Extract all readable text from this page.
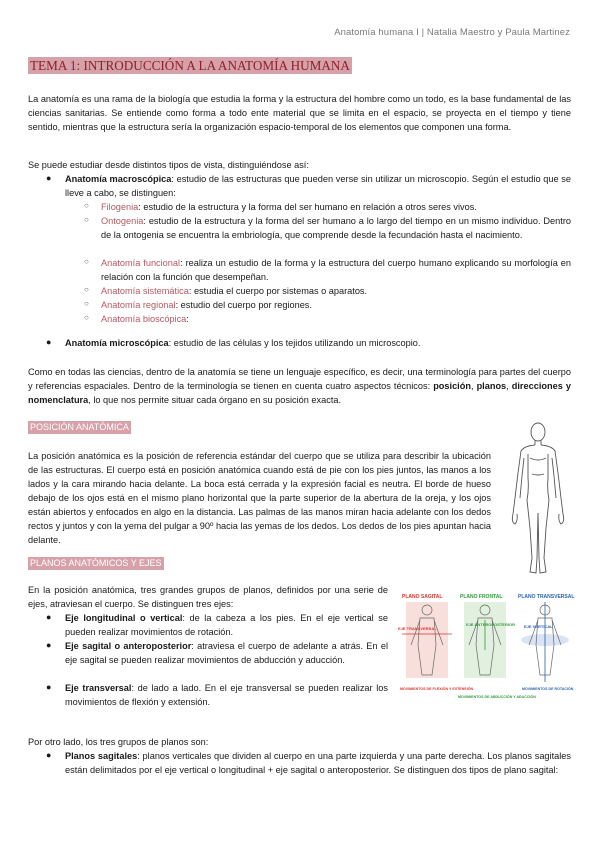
Anatomía humana I | Natalia Maestro y Paula Martinez
TEMA 1: INTRODUCCIÓN A LA ANATOMÍA HUMANA
La anatomía es una rama de la biología que estudia la forma y la estructura del hombre como un todo, es la base fundamental de las ciencias sanitarias. Se entiende como forma a todo ente material que se limita en el espacio, se proyecta en el tiempo y tiene sentido, mientras que la estructura sería la organización espacio-temporal de los elementos que componen una forma.
Se puede estudiar desde distintos tipos de vista, distinguiéndose así:
● Anatomía macroscópica: estudio de las estructuras que pueden verse sin utilizar un microscopio. Según el estudio que se lleve a cabo, se distinguen:
○ Filogenia: estudio de la estructura y la forma del ser humano en relación a otros seres vivos.
○ Ontogenia: estudio de la estructura y la forma del ser humano a lo largo del tiempo en un mismo individuo. Dentro de la ontogenia se encuentra la embriología, que comprende desde la fecundación hasta el nacimiento.
○ Anatomía funcional: realiza un estudio de la forma y la estructura del cuerpo humano explicando su morfología en relación con la función que desempeñan.
○ Anatomía sistemática: estudia el cuerpo por sistemas o aparatos.
○ Anatomía regional: estudio del cuerpo por regiones.
○ Anatomía bioscópica:
● Anatomía microscópica: estudio de las células y los tejidos utilizando un microscopio.
Como en todas las ciencias, dentro de la anatomía se tiene un lenguaje específico, es decir, una terminología para partes del cuerpo y referencias espaciales. Dentro de la terminología se tienen en cuenta cuatro aspectos técnicos: posición, planos, direcciones y nomenclatura, lo que nos permite situar cada órgano en su posición exacta.
POSICIÓN ANATÓMICA
La posición anatómica es la posición de referencia estándar del cuerpo que se utiliza para describir la ubicación de las estructuras. El cuerpo está en posición anatómica cuando está de pie con los pies juntos, las manos a los lados y la cara mirando hacia delante. La boca está cerrada y la expresión facial es neutra. El borde de hueso debajo de los ojos está en el mismo plano horizontal que la parte superior de la abertura de la oreja, y los ojos están abiertos y enfocados en algo en la distancia. Las palmas de las manos miran hacia adelante con los dedos rectos y juntos y con la yema del pulgar a 90º hacia las yemas de los dedos. Los dedos de los pies apuntan hacia delante.
PLANOS ANATÓMICOS Y EJES
En la posición anatómica, tres grandes grupos de planos, definidos por una serie de ejes, atraviesan el cuerpo. Se distinguen tres ejes:
● Eje longitudinal o vertical: de la cabeza a los pies. En el eje vertical se pueden realizar movimientos de rotación.
● Eje sagital o anteroposterior: atraviesa el cuerpo de adelante a atrás. En el eje sagital se pueden realizar movimientos de abducción y aducción.
● Eje transversal: de lado a lado. En el eje transversal se pueden realizar los movimientos de flexión y extensión.
PLANO SAGITAL	PLANO FRONTAL	PLANO TRANSVERSAL
EJE TRANSVERSAL
EJE ANTEROPOSTERIOR EJE VERTICAL
MOVIMIENTOS DE FLEXIÓN Y EXTENSIÓN
MOVIMIENTOS DE ABDUCCIÓN Y ADUCCIÓN
MOVIMIENTOS DE ROTACIÓN
Por otro lado, los tres grupos de planos son:
● Planos sagitales: planos verticales que dividen al cuerpo en una parte izquierda y una parte derecha. Los planos sagitales están delimitados por el eje vertical o longitudinal + eje sagital o anteroposterior. Se distinguen dos tipos de plano sagital:
